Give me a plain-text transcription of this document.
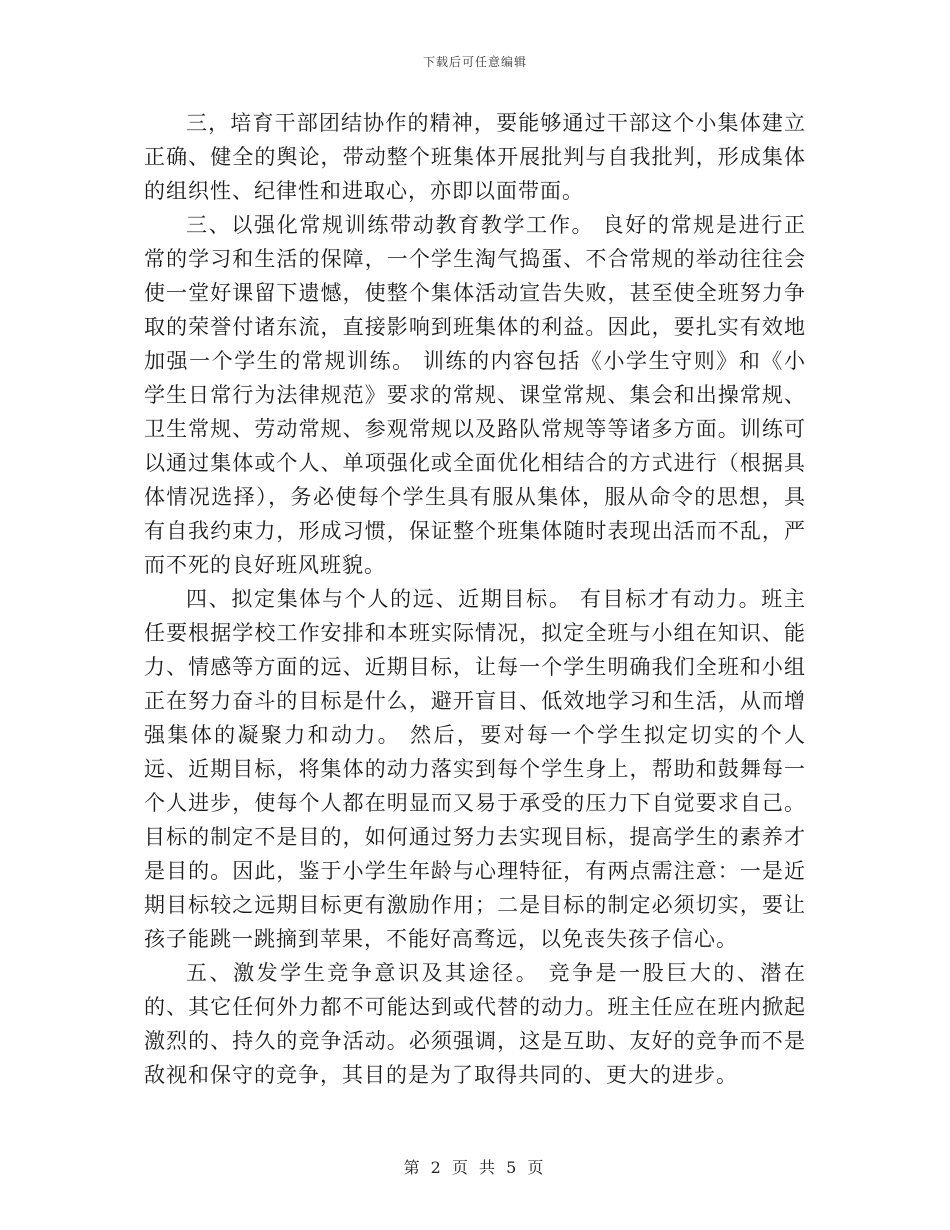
下载后可任意编辑

三，培育干部团结协作的精神，要能够通过干部这个小集体建立正确、健全的舆论，带动整个班集体开展批判与自我批判，形成集体的组织性、纪律性和进取心，亦即以面带面。

三、以强化常规训练带动教育教学工作。 良好的常规是进行正常的学习和生活的保障，一个学生淘气捣蛋、不合常规的举动往往会使一堂好课留下遗憾，使整个集体活动宣告失败，甚至使全班努力争取的荣誉付诸东流，直接影响到班集体的利益。因此，要扎实有效地加强一个学生的常规训练。 训练的内容包括《小学生守则》和《小学生日常行为法律规范》要求的常规、课堂常规、集会和出操常规、卫生常规、劳动常规、参观常规以及路队常规等等诸多方面。训练可以通过集体或个人、单项强化或全面优化相结合的方式进行（根据具体情况选择），务必使每个学生具有服从集体，服从命令的思想，具有自我约束力，形成习惯，保证整个班集体随时表现出活而不乱，严而不死的良好班风班貌。

四、拟定集体与个人的远、近期目标。 有目标才有动力。班主任要根据学校工作安排和本班实际情况，拟定全班与小组在知识、能力、情感等方面的远、近期目标，让每一个学生明确我们全班和小组正在努力奋斗的目标是什么，避开盲目、低效地学习和生活，从而增强集体的凝聚力和动力。 然后，要对每一个学生拟定切实的个人远、近期目标，将集体的动力落实到每个学生身上，帮助和鼓舞每一个人进步，使每个人都在明显而又易于承受的压力下自觉要求自己。 目标的制定不是目的，如何通过努力去实现目标，提高学生的素养才是目的。因此，鉴于小学生年龄与心理特征，有两点需注意：一是近期目标较之远期目标更有激励作用；二是目标的制定必须切实，要让孩子能跳一跳摘到苹果，不能好高骛远，以免丧失孩子信心。

五、激发学生竞争意识及其途径。 竞争是一股巨大的、潜在的、其它任何外力都不可能达到或代替的动力。班主任应在班内掀起激烈的、持久的竞争活动。必须强调，这是互助、友好的竞争而不是敌视和保守的竞争，其目的是为了取得共同的、更大的进步。

第 2 页 共 5 页
